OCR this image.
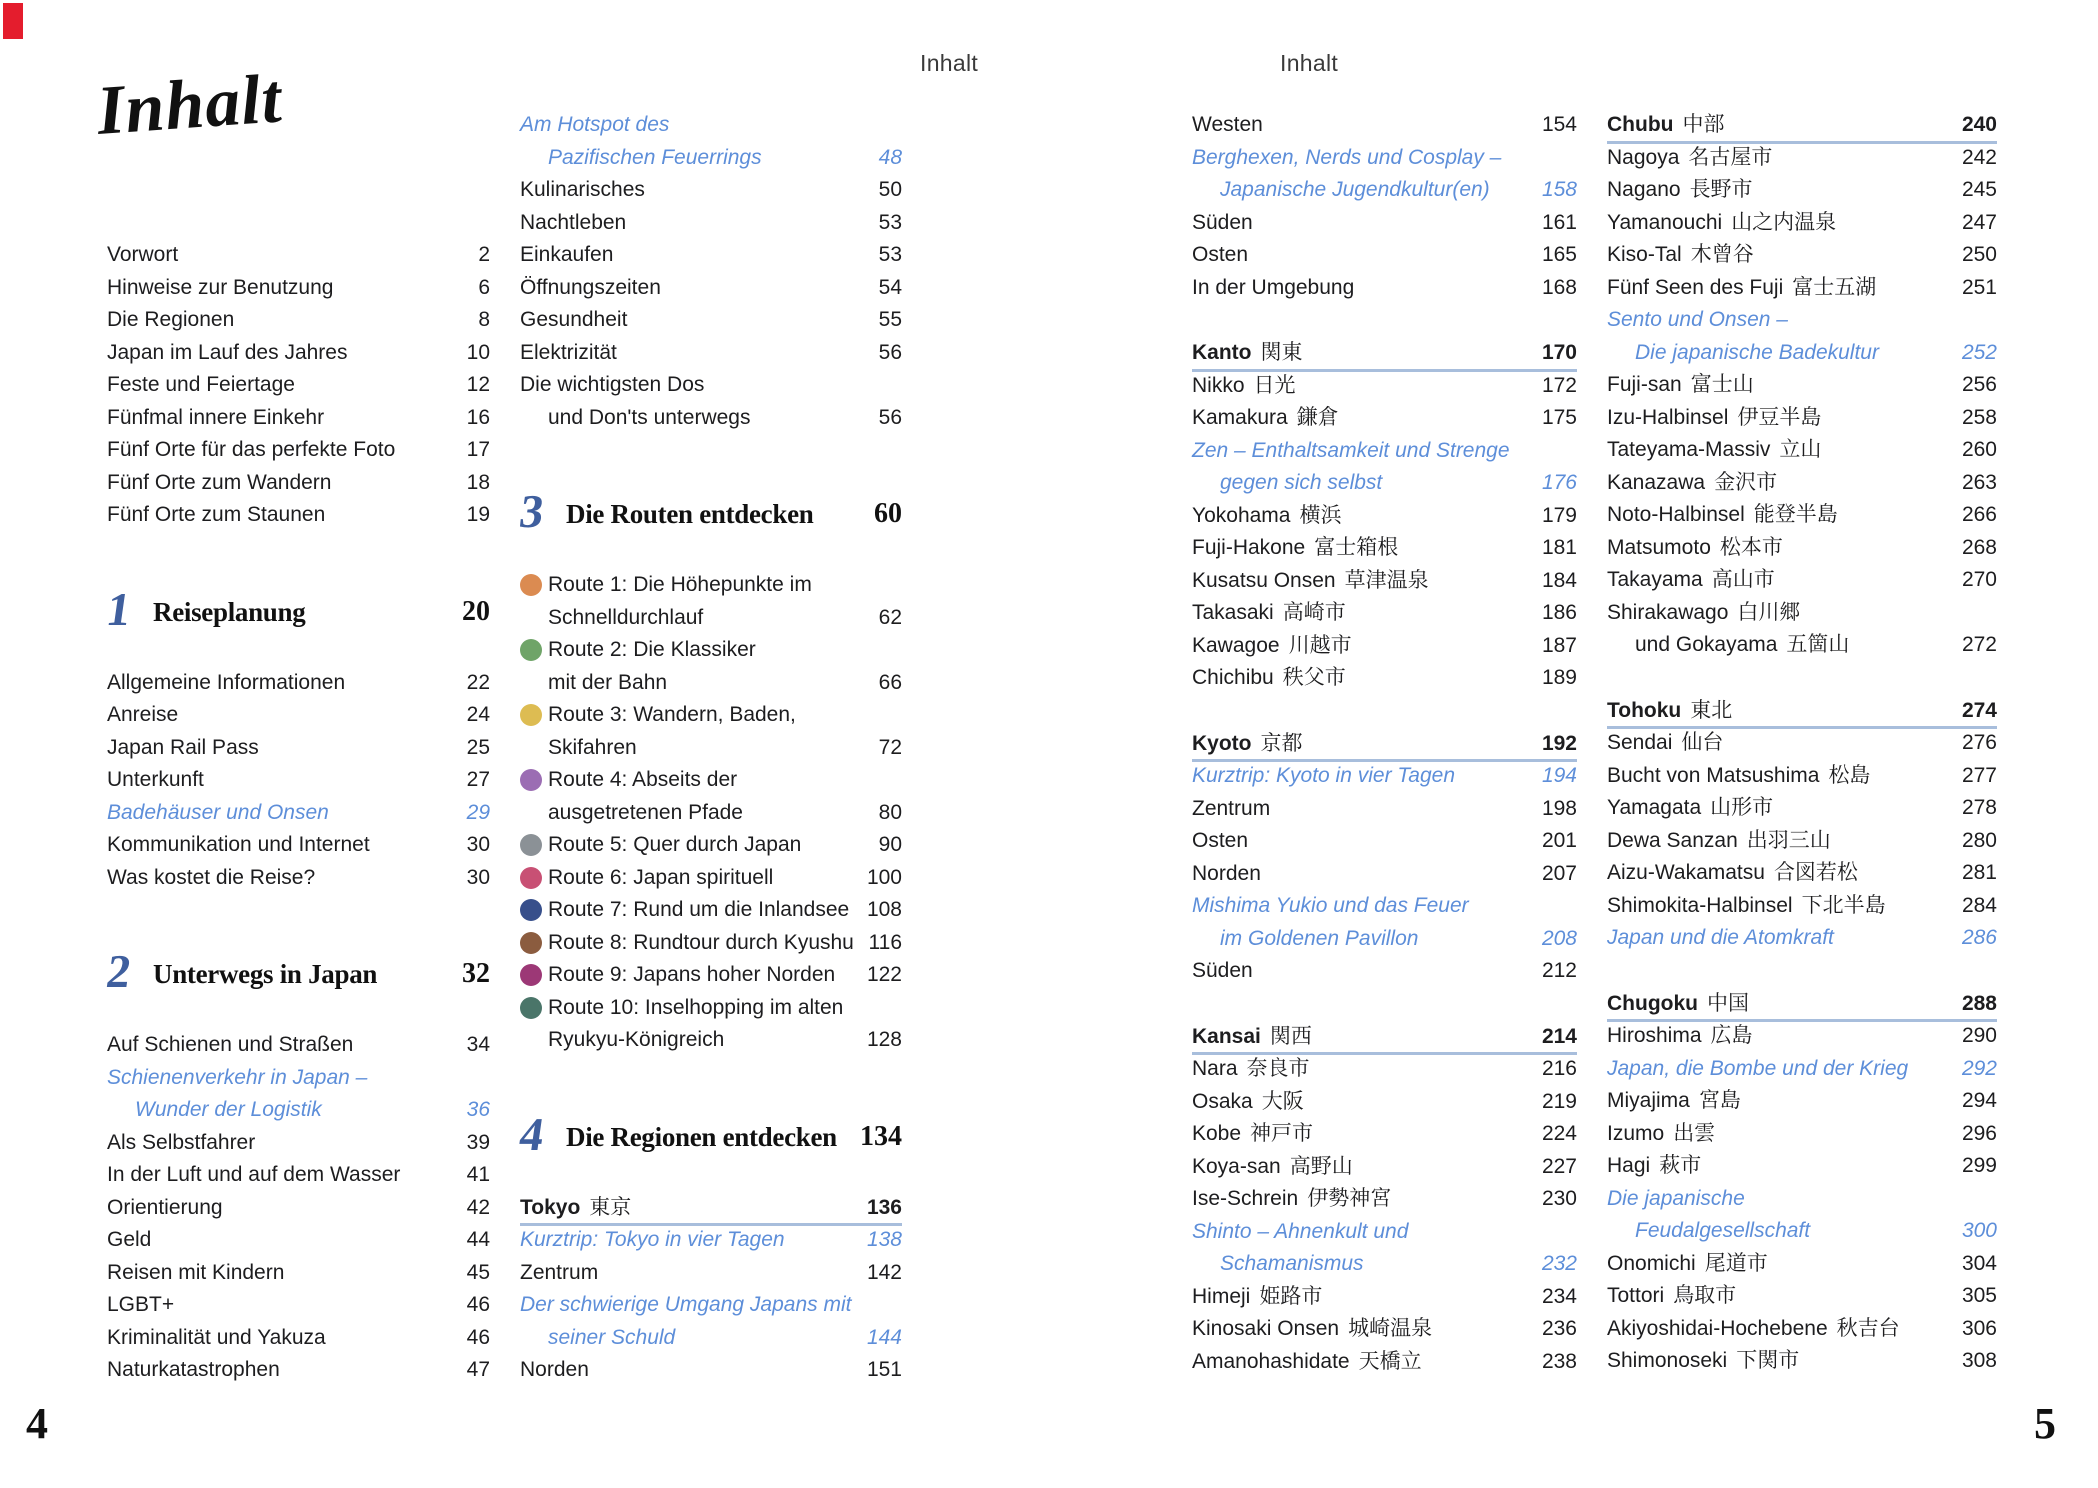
Inhalt	Inhalt
Inhalt
Vorwort	2
Hinweise zur Benutzung	6
Die Regionen	8
Japan im Lauf des Jahres	10
Feste und Feiertage	12
Fünfmal innere Einkehr	16
Fünf Orte für das perfekte Foto	17
Fünf Orte zum Wandern	18
Fünf Orte zum Staunen	19
1 Reiseplanung	20
Allgemeine Informationen	22
Anreise	24
Japan Rail Pass	25
Unterkunft	27
Badehäuser und Onsen	29
Kommunikation und Internet	30
Was kostet die Reise?	30
2 Unterwegs in Japan	32
Auf Schienen und Straßen	34
Schienenverkehr in Japan –
Wunder der Logistik	36
Als Selbstfahrer	39
In der Luft und auf dem Wasser	41
Orientierung	42
Geld	44
Reisen mit Kindern	45
LGBT+	46
Kriminalität und Yakuza	46
Naturkatastrophen	47
Am Hotspot des
Pazifischen Feuerrings	48
Kulinarisches	50
Nachtleben	53
Einkaufen	53
Öffnungszeiten	54
Gesundheit	55
Elektrizität	56
Die wichtigsten Dos
und Don'ts unterwegs	56
3 Die Routen entdecken 60
Route 1: Die Höhepunkte im
Schnelldurchlauf	62
Route 2: Die Klassiker
mit der Bahn	66
Route 3: Wandern, Baden,
Skifahren	72
Route 4: Abseits der
ausgetretenen Pfade	80
Route 5: Quer durch Japan	90
Route 6: Japan spirituell	100
Route 7: Rund um die Inlandsee 108
Route 8: Rundtour durch Kyushu 116
Route 9: Japans hoher Norden	122
Route 10: Inselhopping im alten
Ryukyu-Königreich	128
4 Die Regionen entdecken 134
Tokyo 東京	136
Kurztrip: Tokyo in vier Tagen	138
Zentrum	142
Der schwierige Umgang Japans mit
seiner Schuld	144
Norden	151
Westen	154
Berghexen, Nerds und Cosplay –
Japanische Jugendkultur(en)	158
Süden	161
Osten	165
In der Umgebung	168
Kanto 関東	170
Nikko 日光	172
Kamakura 鎌倉	175
Zen – Enthaltsamkeit und Strenge
gegen sich selbst	176
Yokohama 横浜	179
Fuji-Hakone 富士箱根	181
Kusatsu Onsen 草津温泉	184
Takasaki 高崎市	186
Kawagoe 川越市	187
Chichibu 秩父市	189
Kyoto 京都	192
Kurztrip: Kyoto in vier Tagen	194
Zentrum	198
Osten	201
Norden	207
Mishima Yukio und das Feuer
im Goldenen Pavillon	208
Süden	212
Kansai 関西	214
Nara 奈良市	216
Osaka 大阪	219
Kobe 神戸市	224
Koya-san 高野山	227
Ise-Schrein 伊勢神宮	230
Shinto – Ahnenkult und
Schamanismus	232
Himeji 姫路市	234
Kinosaki Onsen 城崎温泉	236
Amanohashidate 天橋立	238
Chubu 中部	240
Nagoya 名古屋市	242
Nagano 長野市	245
Yamanouchi 山之内温泉	247
Kiso-Tal 木曾谷	250
Fünf Seen des Fuji 富士五湖	251
Sento und Onsen –
Die japanische Badekultur	252
Fuji-san 富士山	256
Izu-Halbinsel 伊豆半島	258
Tateyama-Massiv 立山	260
Kanazawa 金沢市	263
Noto-Halbinsel 能登半島	266
Matsumoto 松本市	268
Takayama 高山市	270
Shirakawago 白川郷
und Gokayama 五箇山	272
Tohoku 東北	274
Sendai 仙台	276
Bucht von Matsushima 松島	277
Yamagata 山形市	278
Dewa Sanzan 出羽三山	280
Aizu-Wakamatsu 合図若松	281
Shimokita-Halbinsel 下北半島	284
Japan und die Atomkraft	286
Chugoku 中国	288
Hiroshima 広島	290
Japan, die Bombe und der Krieg	292
Miyajima 宮島	294
Izumo 出雲	296
Hagi 萩市	299
Die japanische
Feudalgesellschaft	300
Onomichi 尾道市	304
Tottori 鳥取市	305
Akiyoshidai-Hochebene 秋吉台	306
Shimonoseki 下関市	308
4	5
